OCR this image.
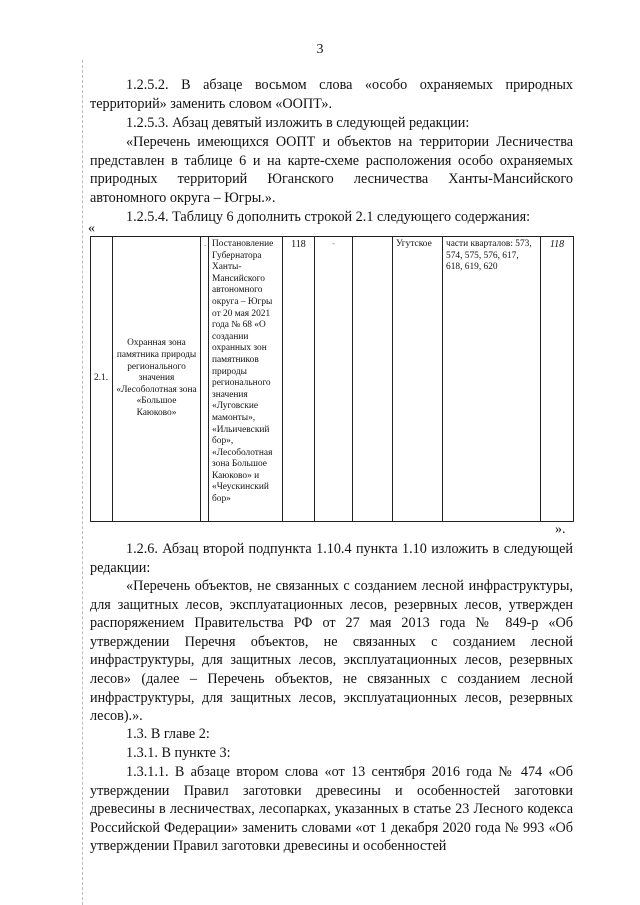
3

1.2.5.2. В абзаце восьмом слова «особо охраняемых природных территорий» заменить словом «ООПТ».

1.2.5.3. Абзац девятый изложить в следующей редакции:

«Перечень имеющихся ООПТ и объектов на территории Лесничества представлен в таблице 6 и на карте-схеме расположения особо охраняемых природных территорий Юганского лесничества Ханты-Мансийского автономного округа – Югры.».

1.2.5.4. Таблицу 6 дополнить строкой 2.1 следующего содержания:

«
2.1.	Охранная зона памятника природы регионального значения «Лесоболотная зона «Большое Каюково»	.	Постановление Губернатора Ханты-Мансийского автономного округа – Югры от 20 мая 2021 года № 68 «О создании охранных зон памятников природы регионального значения «Луговские мамонты», «Ильичевский бор», «Лесоболотная зона Большое Каюково» и «Чеускинский бор»	118	-		Угутское	части кварталов: 573, 574, 575, 576, 617, 618, 619, 620	118
».

1.2.6. Абзац второй подпункта 1.10.4 пункта 1.10 изложить в следующей редакции:

«Перечень объектов, не связанных с созданием лесной инфраструктуры, для защитных лесов, эксплуатационных лесов, резервных лесов, утвержден распоряжением Правительства РФ от 27 мая 2013 года № 849-р «Об утверждении Перечня объектов, не связанных с созданием лесной инфраструктуры, для защитных лесов, эксплуатационных лесов, резервных лесов» (далее – Перечень объектов, не связанных с созданием лесной инфраструктуры, для защитных лесов, эксплуатационных лесов, резервных лесов).».

1.3. В главе 2:

1.3.1. В пункте 3:

1.3.1.1. В абзаце втором слова «от 13 сентября 2016 года № 474 «Об утверждении Правил заготовки древесины и особенностей заготовки древесины в лесничествах, лесопарках, указанных в статье 23 Лесного кодекса Российской Федерации» заменить словами «от 1 декабря 2020 года № 993 «Об утверждении Правил заготовки древесины и особенностей
